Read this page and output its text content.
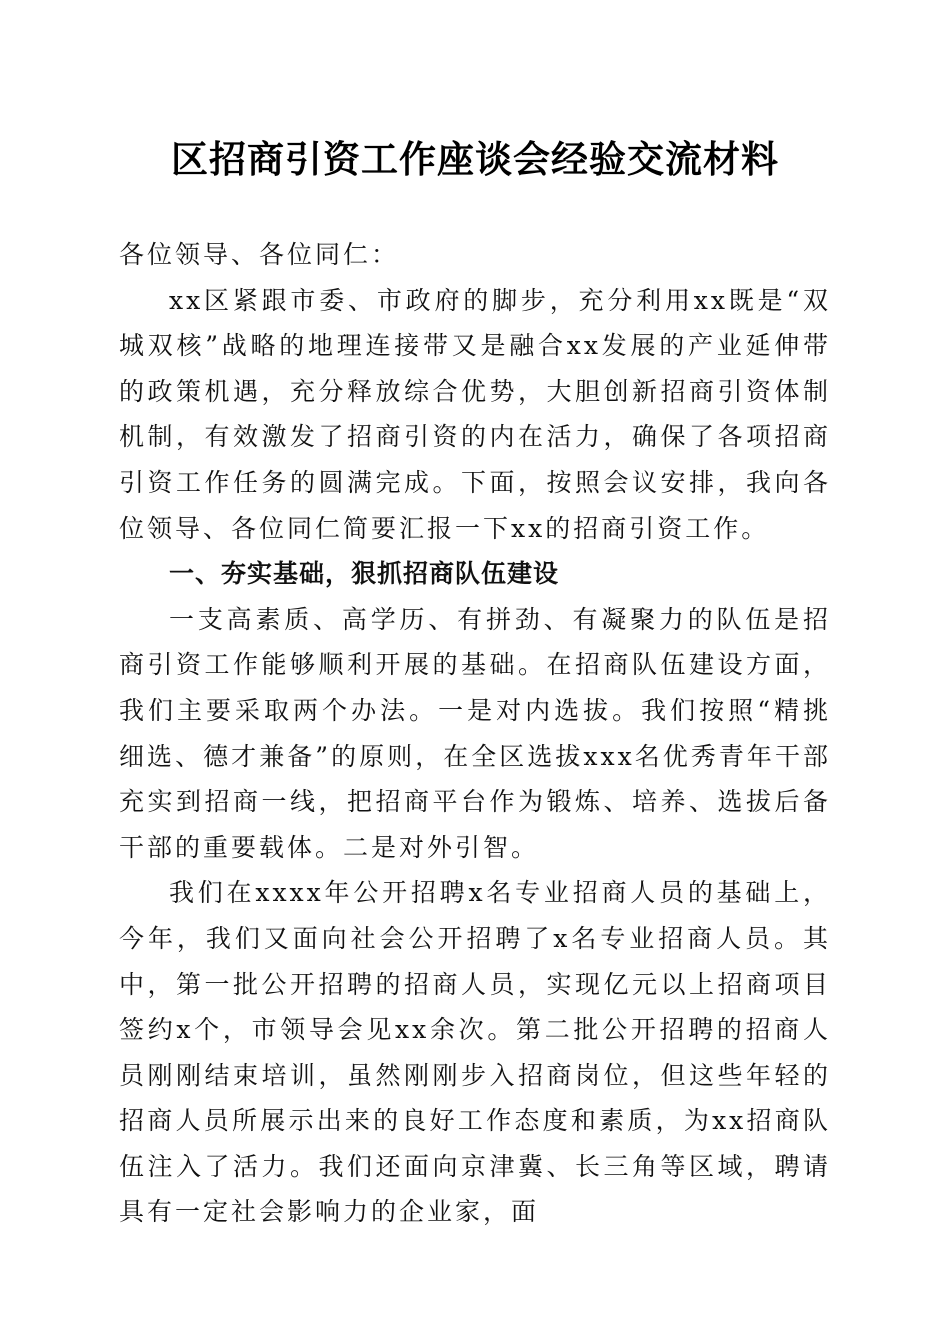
区招商引资工作座谈会经验交流材料

各位领导、各位同仁：

xx区紧跟市委、市政府的脚步，充分利用xx既是“双城双核”战略的地理连接带又是融合xx发展的产业延伸带的政策机遇，充分释放综合优势，大胆创新招商引资体制机制，有效激发了招商引资的内在活力，确保了各项招商引资工作任务的圆满完成。下面，按照会议安排，我向各位领导、各位同仁简要汇报一下xx的招商引资工作。

一、夯实基础，狠抓招商队伍建设

一支高素质、高学历、有拼劲、有凝聚力的队伍是招商引资工作能够顺利开展的基础。在招商队伍建设方面，我们主要采取两个办法。一是对内选拔。我们按照“精挑细选、德才兼备”的原则，在全区选拔xxx名优秀青年干部充实到招商一线，把招商平台作为锻炼、培养、选拔后备干部的重要载体。二是对外引智。

我们在xxxx年公开招聘x名专业招商人员的基础上，今年，我们又面向社会公开招聘了x名专业招商人员。其中，第一批公开招聘的招商人员，实现亿元以上招商项目签约x个，市领导会见xx余次。第二批公开招聘的招商人员刚刚结束培训，虽然刚刚步入招商岗位，但这些年轻的招商人员所展示出来的良好工作态度和素质，为xx招商队伍注入了活力。我们还面向京津冀、长三角等区域，聘请具有一定社会影响力的企业家，面
